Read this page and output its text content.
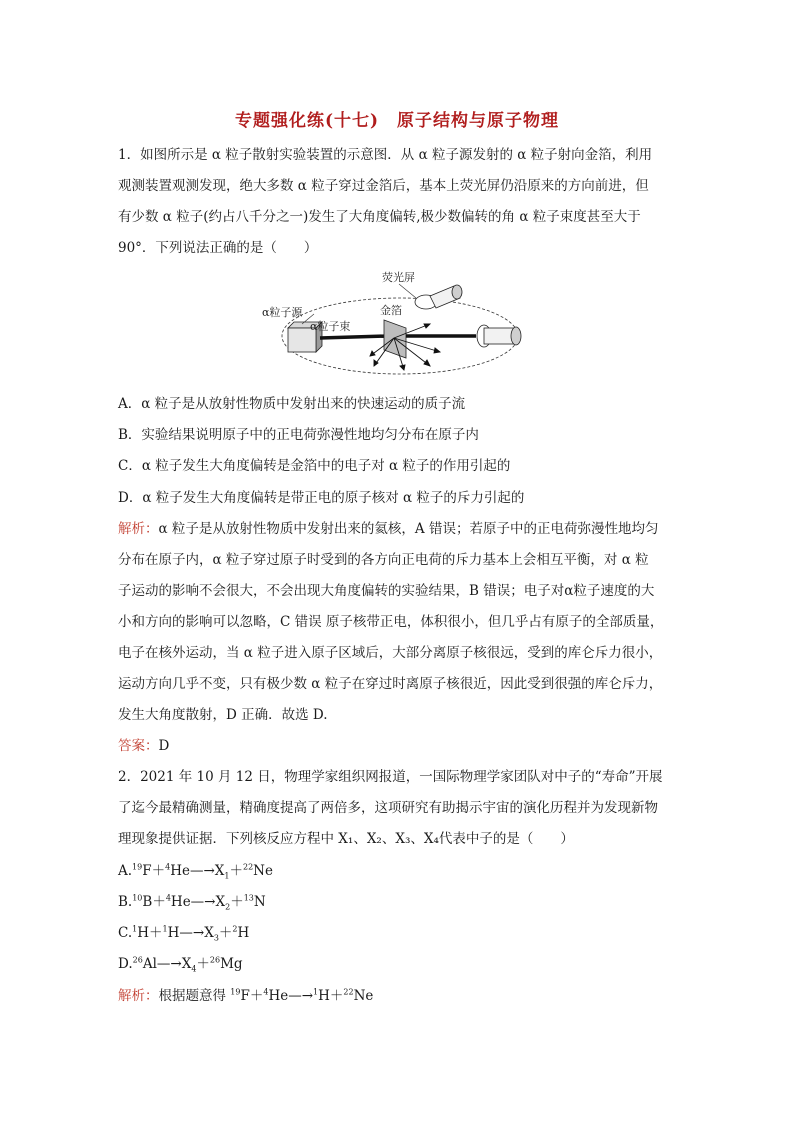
专题强化练(十七)　原子结构与原子物理
1．如图所示是 α 粒子散射实验装置的示意图．从 α 粒子源发射的 α 粒子射向金箔，利用
观测装置观测发现，绝大多数 α 粒子穿过金箔后，基本上荧光屏仍沿原来的方向前进，但
有少数 α 粒子(约占八千分之一)发生了大角度偏转,极少数偏转的角 α 粒子束度甚至大于
90°．下列说法正确的是（　　）
荧光屏
α粒子源	金箔
α粒子束
A．α 粒子是从放射性物质中发射出来的快速运动的质子流
B．实验结果说明原子中的正电荷弥漫性地均匀分布在原子内
C．α 粒子发生大角度偏转是金箔中的电子对 α 粒子的作用引起的
D．α 粒子发生大角度偏转是带正电的原子核对 α 粒子的斥力引起的
解析：α 粒子是从放射性物质中发射出来的氦核，A 错误；若原子中的正电荷弥漫性地均匀
分布在原子内，α 粒子穿过原子时受到的各方向正电荷的斥力基本上会相互平衡，对 α 粒
子运动的影响不会很大，不会出现大角度偏转的实验结果，B 错误；电子对α粒子速度的大
小和方向的影响可以忽略，C 错误 原子核带正电，体积很小，但几乎占有原子的全部质量，
电子在核外运动，当 α 粒子进入原子区域后，大部分离原子核很远，受到的库仑斥力很小，
运动方向几乎不变，只有极少数 α 粒子在穿过时离原子核很近，因此受到很强的库仑斥力，
发生大角度散射，D 正确．故选 D.
答案：D
2．2021 年 10 月 12 日，物理学家组织网报道，一国际物理学家团队对中子的“寿命”开展
了迄今最精确测量，精确度提高了两倍多，这项研究有助揭示宇宙的演化历程并为发现新物
理现象提供证据．下列核反应方程中 X₁、X₂、X₃、X₄代表中子的是（　　）
$A.^{19}F+^4He—\to X_1+^{22}Ne$
$B.^{10}B+^4He—\to X_2+^{13}N$
$C.^1H+^1H—\to X_3+^2H$
$D.^{26}Al—\to X_4+^{26}Mg$
解析：根据题意得 $^{19}$F＋$^4$He—→$^1$H＋$^{22}$Ne
